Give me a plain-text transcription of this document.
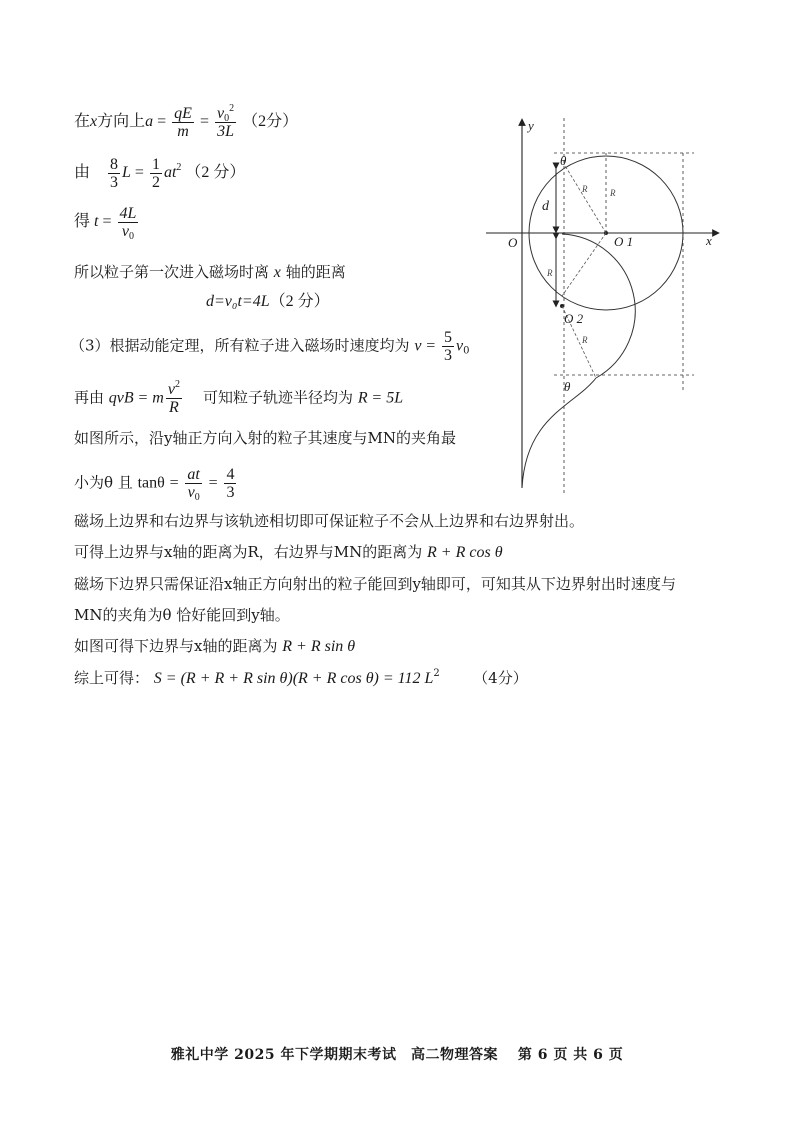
在x方向上$a = \frac{qE}{m} = \frac{v_0^2}{3L} (2$分）
由 $\frac{8}{3}$ $L = \frac{1}{2} at^2$ （2 分）
得 $t = \frac{4L}{v_0}$
所以粒子第一次进入磁场时离 x 轴的距离
d=v₀t=4L（2 分）
（3）根据动能定理，所有粒子进入磁场时速度均为 $v = \frac{5}{3} v_0$
再由 qvB = m $\frac{v^2}{R}$ 可知粒子轨迹半径均为 R = 5L
如图所示，沿y轴正方向入射的粒子其速度与MN的夹角最
小为θ 且 $\tan\theta = \frac{at}{v_0} = \frac{4}{3}$
磁场上边界和右边界与该轨迹相切即可保证粒子不会从上边界和右边界射出。
可得上边界与x轴的距离为R，右边界与MN的距离为 R + R cos θ
磁场下边界只需保证沿x轴正方向射出的粒子能回到y轴即可，可知其从下边界射出时速度与
MN的夹角为θ 恰好能回到y轴。
如图可得下边界与x轴的距离为 R + R sin θ
综上可得： S = (R + R + R sin θ)(R + R cos θ) = 112 $L^2$ （4分）
y
x
O	O 1
O 2
d
R
R	R
R
θ
θ
雅礼中学 2025 年下学期期末考试　高二物理答案　 第 6 页 共 6 页
